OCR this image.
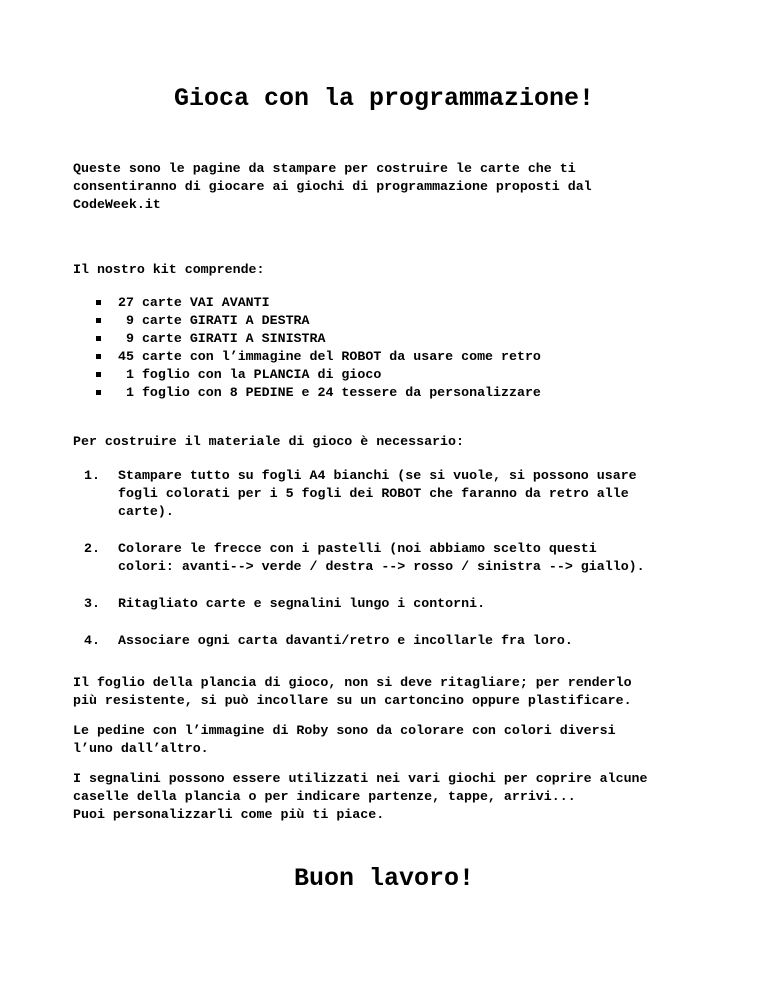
Gioca con la programmazione!

Queste sono le pagine da stampare per costruire le carte che ti
consentiranno di giocare ai giochi di programmazione proposti dal
CodeWeek.it

Il nostro kit comprende:

27 carte VAI AVANTI
9 carte GIRATI A DESTRA
9 carte GIRATI A SINISTRA
45 carte con l’immagine del ROBOT da usare come retro
1 foglio con la PLANCIA di gioco
1 foglio con 8 PEDINE e 24 tessere da personalizzare

Per costruire il materiale di gioco è necessario:

1. Stampare tutto su fogli A4 bianchi (se si vuole, si possono usare
fogli colorati per i 5 fogli dei ROBOT che faranno da retro alle
carte).
2. Colorare le frecce con i pastelli (noi abbiamo scelto questi
colori: avanti--> verde / destra --> rosso / sinistra --> giallo).
3. Ritagliato carte e segnalini lungo i contorni.
4. Associare ogni carta davanti/retro e incollarle fra loro.

Il foglio della plancia di gioco, non si deve ritagliare; per renderlo
più resistente, si può incollare su un cartoncino oppure plastificare.

Le pedine con l’immagine di Roby sono da colorare con colori diversi
l’uno dall’altro.

I segnalini possono essere utilizzati nei vari giochi per coprire alcune
caselle della plancia o per indicare partenze, tappe, arrivi...
Puoi personalizzarli come più ti piace.

Buon lavoro!
